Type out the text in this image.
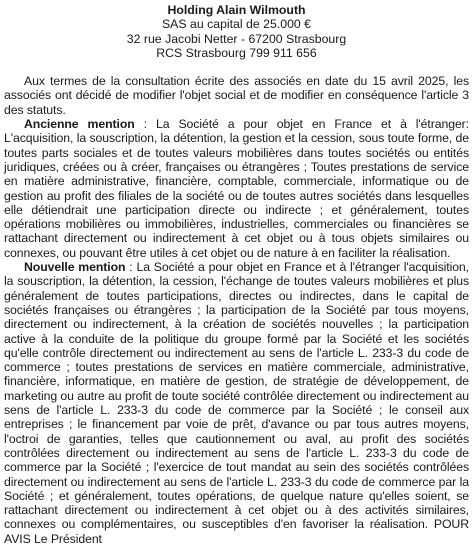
Holding Alain Wilmouth
SAS au capital de 25.000 €
32 rue Jacobi Netter - 67200 Strasbourg
RCS Strasbourg 799 911 656

Aux termes de la consultation écrite des associés en date du 15 avril 2025, les associés ont décidé de modifier l'objet social et de modifier en conséquence l'article 3 des statuts.

Ancienne mention : La Société a pour objet en France et à l'étranger: L'acquisition, la souscription, la détention, la gestion et la cession, sous toute forme, de toutes parts sociales et de toutes valeurs mobilières dans toutes sociétés ou entités juridiques, créées ou à créer, françaises ou étrangères ; Toutes prestations de service en matière administrative, financière, comptable, commerciale, informatique ou de gestion au profit des filiales de la société ou de toutes autres sociétés dans lesquelles elle détiendrait une participation directe ou indirecte ; et généralement, toutes opérations mobilières ou immobilières, industrielles, commerciales ou financières se rattachant directement ou indirectement à cet objet ou à tous objets similaires ou connexes, ou pouvant être utiles à cet objet ou de nature à en faciliter la réalisation.

Nouvelle mention : La Société a pour objet en France et à l'étranger l'acquisition, la souscription, la détention, la cession, l'échange de toutes valeurs mobilières et plus généralement de toutes participations, directes ou indirectes, dans le capital de sociétés françaises ou étrangères ; la participation de la Société par tous moyens, directement ou indirectement, à la création de sociétés nouvelles ; la participation active à la conduite de la politique du groupe formé par la Société et les sociétés qu'elle contrôle directement ou indirectement au sens de l'article L. 233-3 du code de commerce ; toutes prestations de services en matière commerciale, administrative, financière, informatique, en matière de gestion, de stratégie de développement, de marketing ou autre au profit de toute société contrôlée directement ou indirectement au sens de l'article L. 233-3 du code de commerce par la Société ; le conseil aux entreprises ; le financement par voie de prêt, d'avance ou par tous autres moyens, l'octroi de garanties, telles que cautionnement ou aval, au profit des sociétés contrôlées directement ou indirectement au sens de l'article L. 233-3 du code de commerce par la Société ; l'exercice de tout mandat au sein des sociétés contrôlées directement ou indirectement au sens de l'article L. 233-3 du code de commerce par la Société ; et généralement, toutes opérations, de quelque nature qu'elles soient, se rattachant directement ou indirectement à cet objet ou à des activités similaires, connexes ou complémentaires, ou susceptibles d'en favoriser la réalisation. POUR AVIS Le Président
